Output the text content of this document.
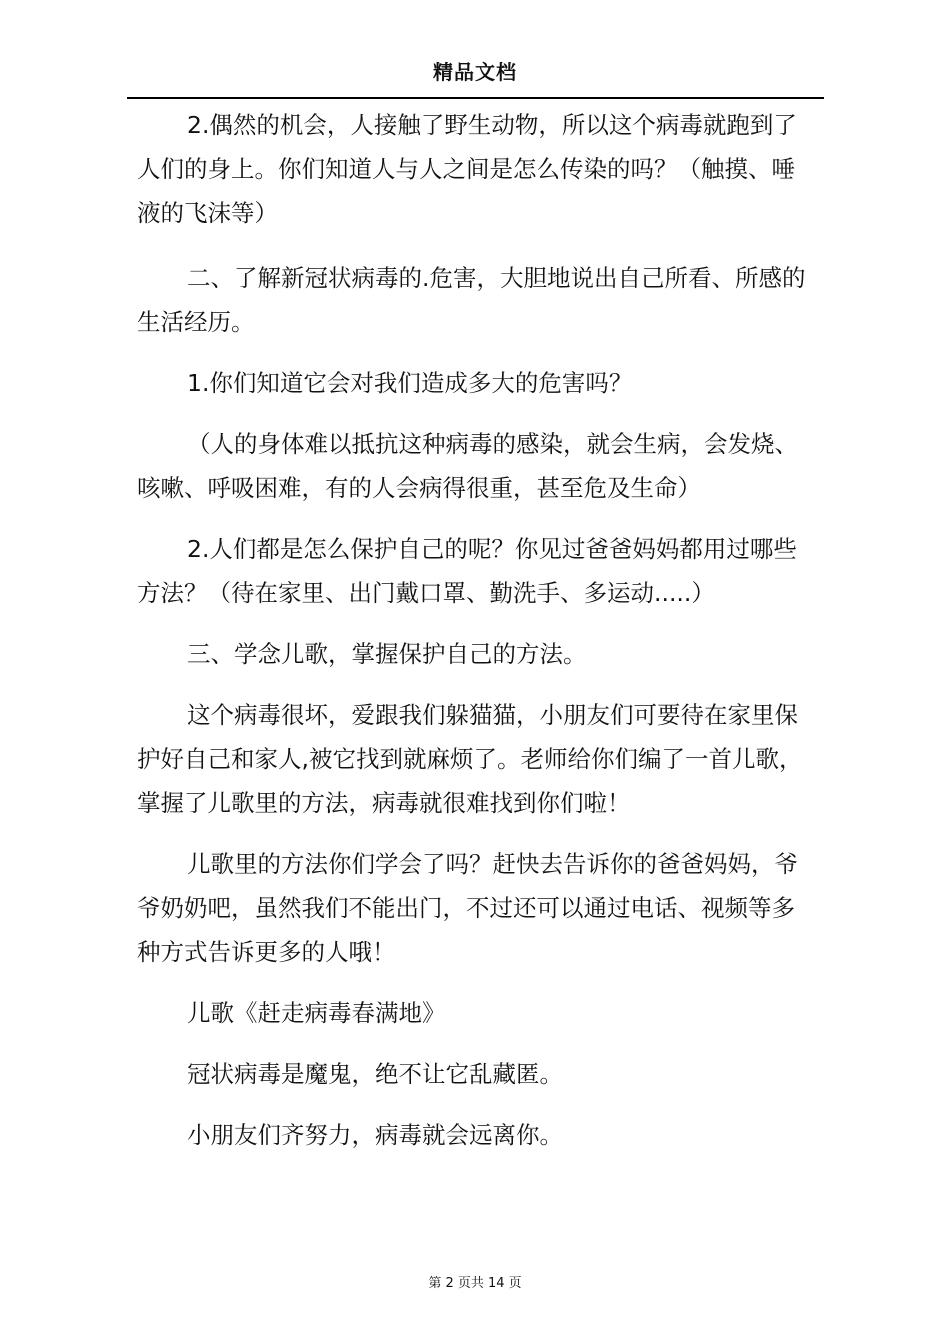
精品文档

2.偶然的机会，人接触了野生动物，所以这个病毒就跑到了人们的身上。你们知道人与人之间是怎么传染的吗？（触摸、唾液的飞沫等）

二、了解新冠状病毒的.危害，大胆地说出自己所看、所感的生活经历。

1.你们知道它会对我们造成多大的危害吗？

（人的身体难以抵抗这种病毒的感染，就会生病，会发烧、咳嗽、呼吸困难，有的人会病得很重，甚至危及生命）

2.人们都是怎么保护自己的呢？你见过爸爸妈妈都用过哪些方法？（待在家里、出门戴口罩、勤洗手、多运动.....）

三、学念儿歌，掌握保护自己的方法。

这个病毒很坏，爱跟我们躲猫猫，小朋友们可要待在家里保护好自己和家人,被它找到就麻烦了。老师给你们编了一首儿歌，掌握了儿歌里的方法，病毒就很难找到你们啦！

儿歌里的方法你们学会了吗？赶快去告诉你的爸爸妈妈，爷爷奶奶吧，虽然我们不能出门，不过还可以通过电话、视频等多种方式告诉更多的人哦！

儿歌《赶走病毒春满地》

冠状病毒是魔鬼，绝不让它乱藏匿。

小朋友们齐努力，病毒就会远离你。

第 2 页共 14 页
